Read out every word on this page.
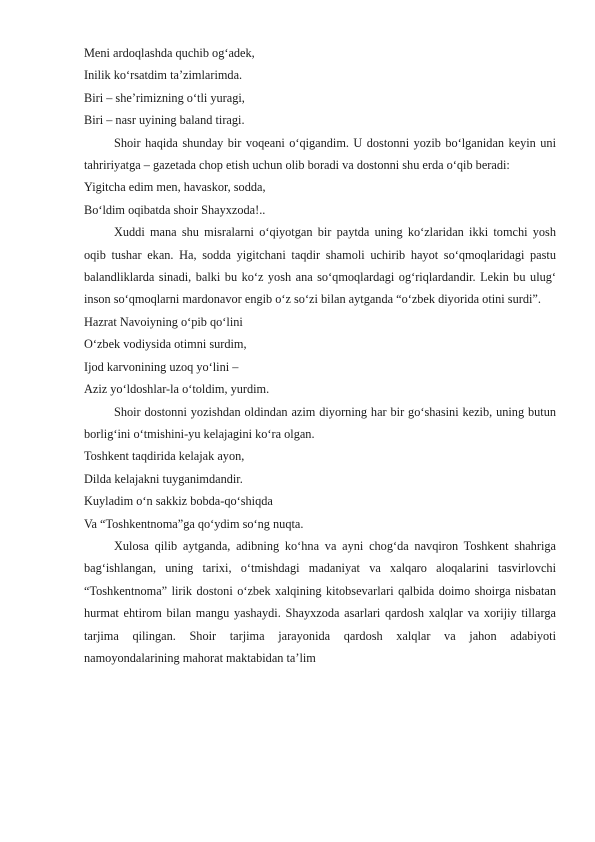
Meni ardoqlashda quchib og‘adek,
Inilik ko‘rsatdim ta’zimlarimda.
Biri – she’rimizning o‘tli yuragi,
Biri – nasr uyining baland tiragi.
Shoir haqida shunday bir voqeani o‘qigandim. U dostonni yozib bo‘lganidan keyin uni tahririyatga – gazetada chop etish uchun olib boradi va dostonni shu erda o‘qib beradi:
Yigitcha edim men, havaskor, sodda,
Bo‘ldim oqibatda shoir Shayxzoda!..
Xuddi mana shu misralarni o‘qiyotgan bir paytda uning ko‘zlaridan ikki tomchi yosh oqib tushar ekan. Ha, sodda yigitchani taqdir shamoli uchirib hayot so‘qmoqlaridagi pastu balandliklarda sinadi, balki bu ko‘z yosh ana so‘qmoqlardagi og‘riqlardandir. Lekin bu ulug‘ inson so‘qmoqlarni mardonavor engib o‘z so‘zi bilan aytganda “o‘zbek diyorida otini surdi”.
Hazrat Navoiyning o‘pib qo‘lini
O‘zbek vodiysida otimni surdim,
Ijod karvonining uzoq yo‘lini –
Aziz yo‘ldoshlar-la o‘toldim, yurdim.
Shoir dostonni yozishdan oldindan azim diyorning har bir go‘shasini kezib, uning butun borlig‘ini o‘tmishini-yu kelajagini ko‘ra olgan.
Toshkent taqdirida kelajak ayon,
Dilda kelajakni tuyganimdandir.
Kuyladim o‘n sakkiz bobda-qo‘shiqda
Va “Toshkentnoma”ga qo‘ydim so‘ng nuqta.
Xulosa qilib aytganda, adibning ko‘hna va ayni chog‘da navqiron Toshkent shahriga bag‘ishlangan, uning tarixi, o‘tmishdagi madaniyat va xalqaro aloqalarini tasvirlovchi “Toshkentnoma” lirik dostoni o‘zbek xalqining kitobsevarlari qalbida doimo shoirga nisbatan hurmat ehtirom bilan mangu yashaydi. Shayxzoda asarlari qardosh xalqlar va xorijiy tillarga tarjima qilingan. Shoir tarjima jarayonida qardosh xalqlar va jahon adabiyoti namoyondalarining mahorat maktabidan ta’lim
